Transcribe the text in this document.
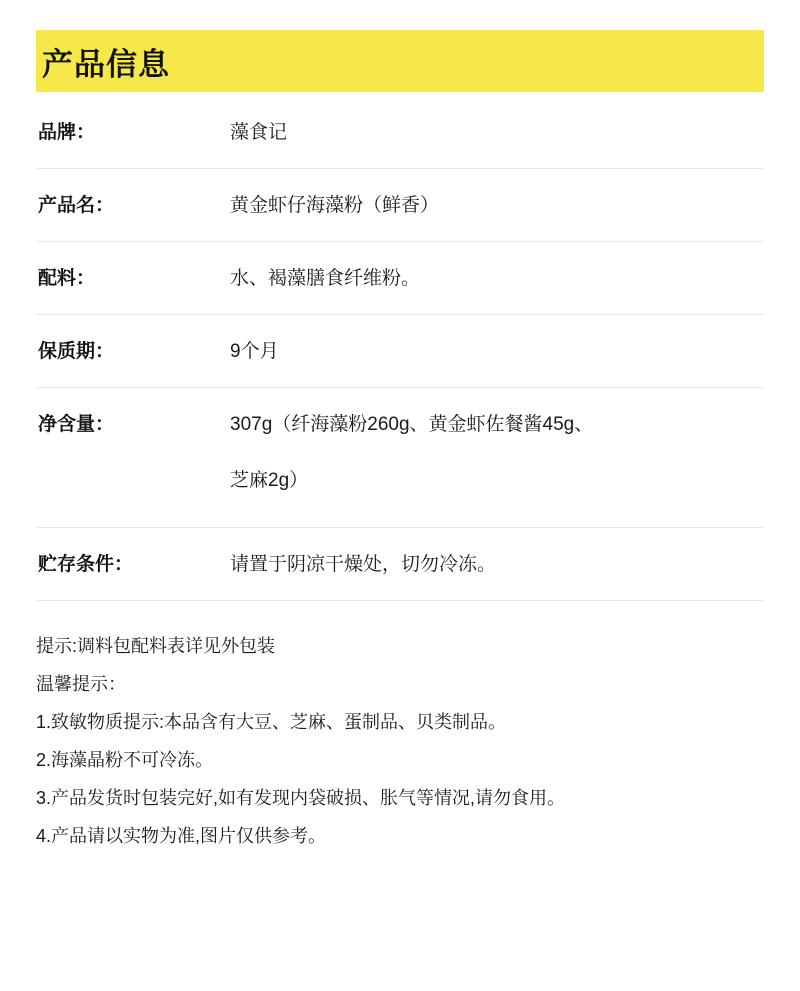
产品信息
品牌：	藻食记
产品名：	黄金虾仔海藻粉（鲜香）
配料：	水、褐藻膳食纤维粉。
保质期：	9个月
净含量：	307g（纤海藻粉260g、黄金虾佐餐酱45g、
芝麻2g）
贮存条件：	请置于阴凉干燥处，切勿冷冻。
提示:调料包配料表详见外包装
温馨提示：
1.致敏物质提示:本品含有大豆、芝麻、蛋制品、贝类制品。
2.海藻晶粉不可冷冻。
3.产品发货时包装完好,如有发现内袋破损、胀气等情况,请勿食用。
4.产品请以实物为准,图片仅供参考。
